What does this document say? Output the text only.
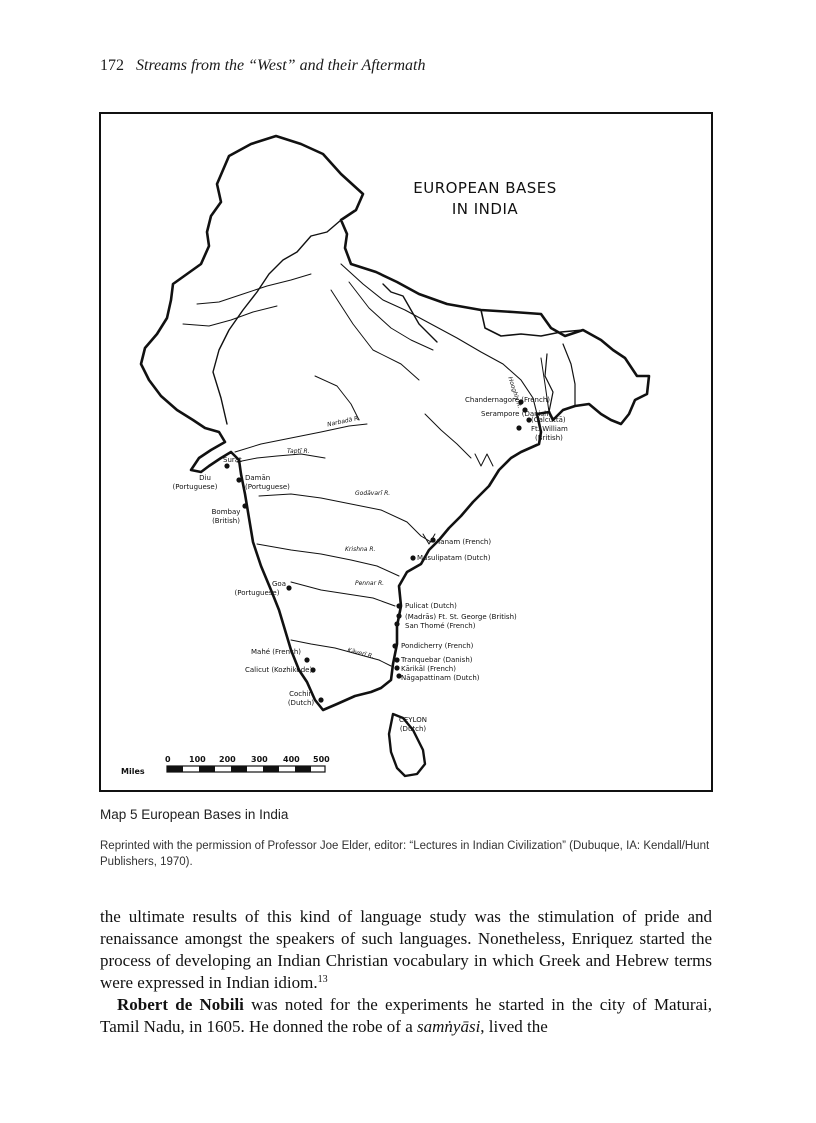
172 Streams from the “West” and their Aftermath
EUROPEAN BASES
IN INDIA
Chandernagore (French)
Serampore (Danish)
(Calcuttā)
Ft. William
(British)
Surat
Diu
(Portuguese)
Damān
(Portuguese)
Bombay
(British)
Yanam (French)
Masulipatam (Dutch)
Goa
(Portuguese)
Pulicat (Dutch)
(Madrās) Ft. St. George (British)
San Thomé (French)
Pondicherry (French)
Tranquebar (Danish)
Kārikāl (French)
Nāgapattinam (Dutch)
Mahé (French)
Calicut (Kozhikode)
Cochin
(Dutch)
CEYLON
(Dutch)
Hooghly R.
Narbadā R.
Taptī R.
Godāvarī R.
Krishna R.
Pennar R.
Kāverī R.
Miles
0 100 200 300 400 500
Map 5 European Bases in India
Reprinted with the permission of Professor Joe Elder, editor: “Lectures in Indian Civilization” (Dubuque, IA: Kendall/Hunt Publishers, 1970).

the ultimate results of this kind of language study was the stimulation of pride and renaissance amongst the speakers of such languages. Nonetheless, Enriquez started the process of developing an Indian Christian vocabulary in which Greek and Hebrew terms were expressed in Indian idiom.$^{13}$

Robert de Nobili was noted for the experiments he started in the city of Maturai, Tamil Nadu, in 1605. He donned the robe of a samṅyāsi, lived the
